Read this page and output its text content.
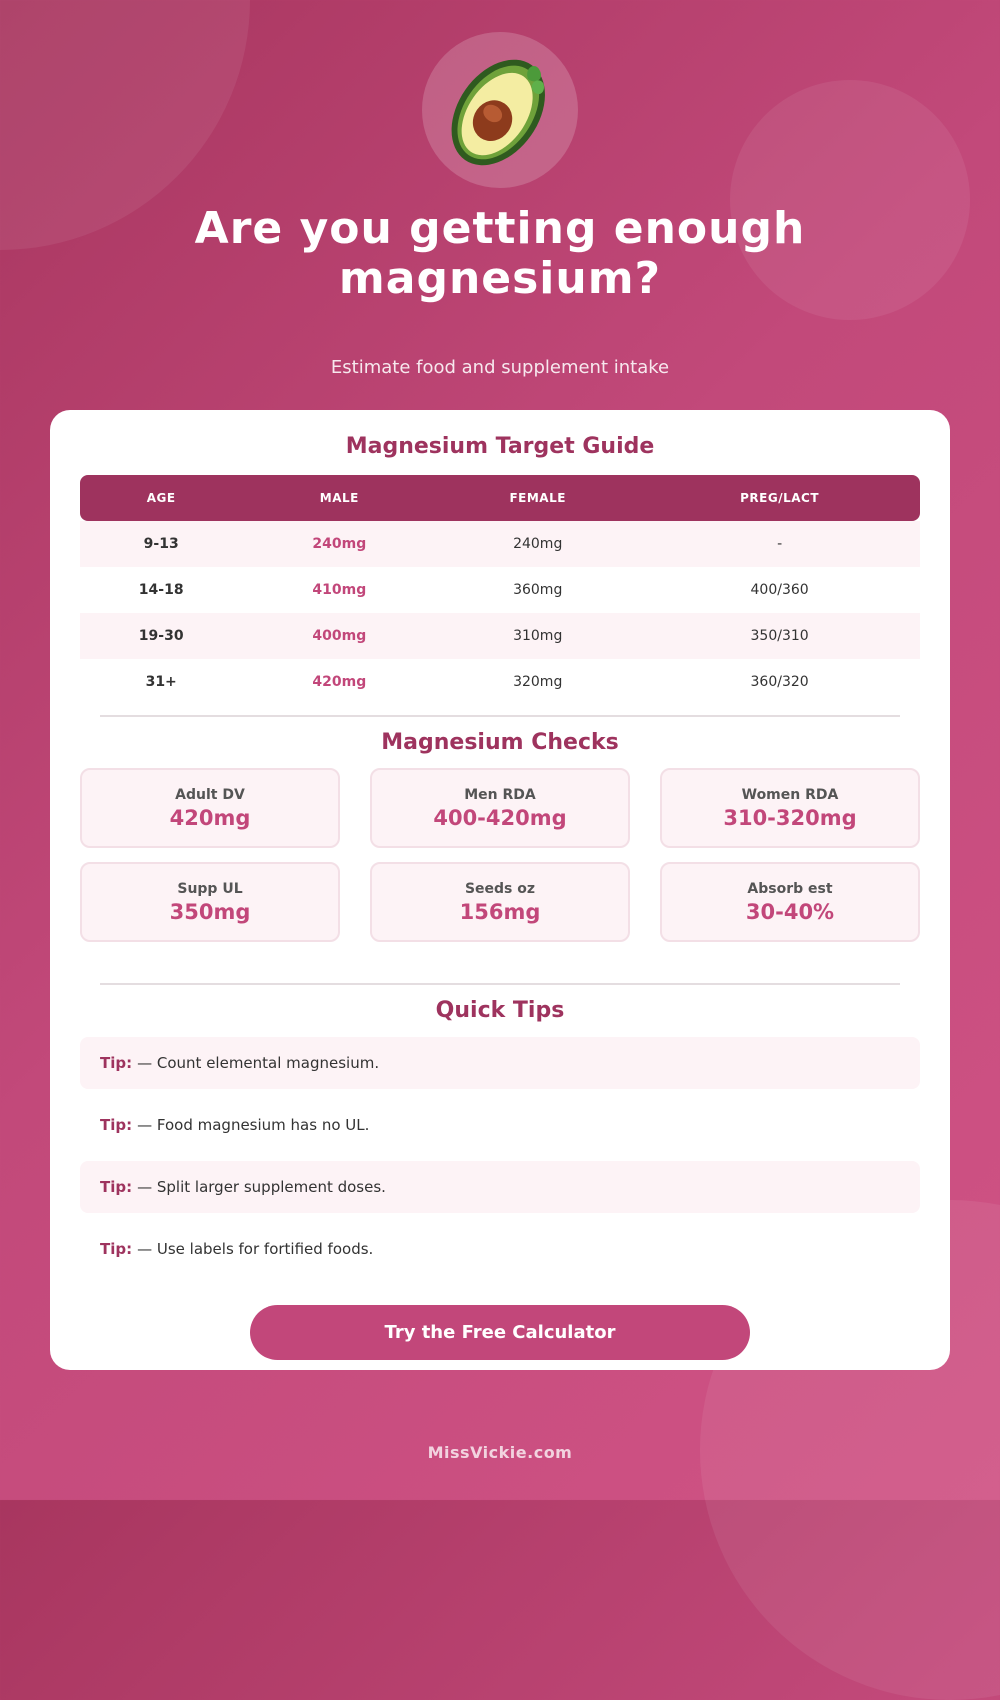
Are you getting enough magnesium?

Estimate food and supplement intake

Magnesium Target Guide
AGE	MALE	FEMALE	PREG/LACT
9-13	240mg	240mg	-
14-18	410mg	360mg	400/360
19-30	400mg	310mg	350/310
31+	420mg	320mg	360/320
Magnesium Checks
Adult DV
420mg
Men RDA
400-420mg
Women RDA
310-320mg
Supp UL
350mg
Seeds oz
156mg
Absorb est
30-40%
Quick Tips
Tip: — Count elemental magnesium.
Tip: — Food magnesium has no UL.
Tip: — Split larger supplement doses.
Tip: — Use labels for fortified foods.
Try the Free Calculator
MissVickie.com
